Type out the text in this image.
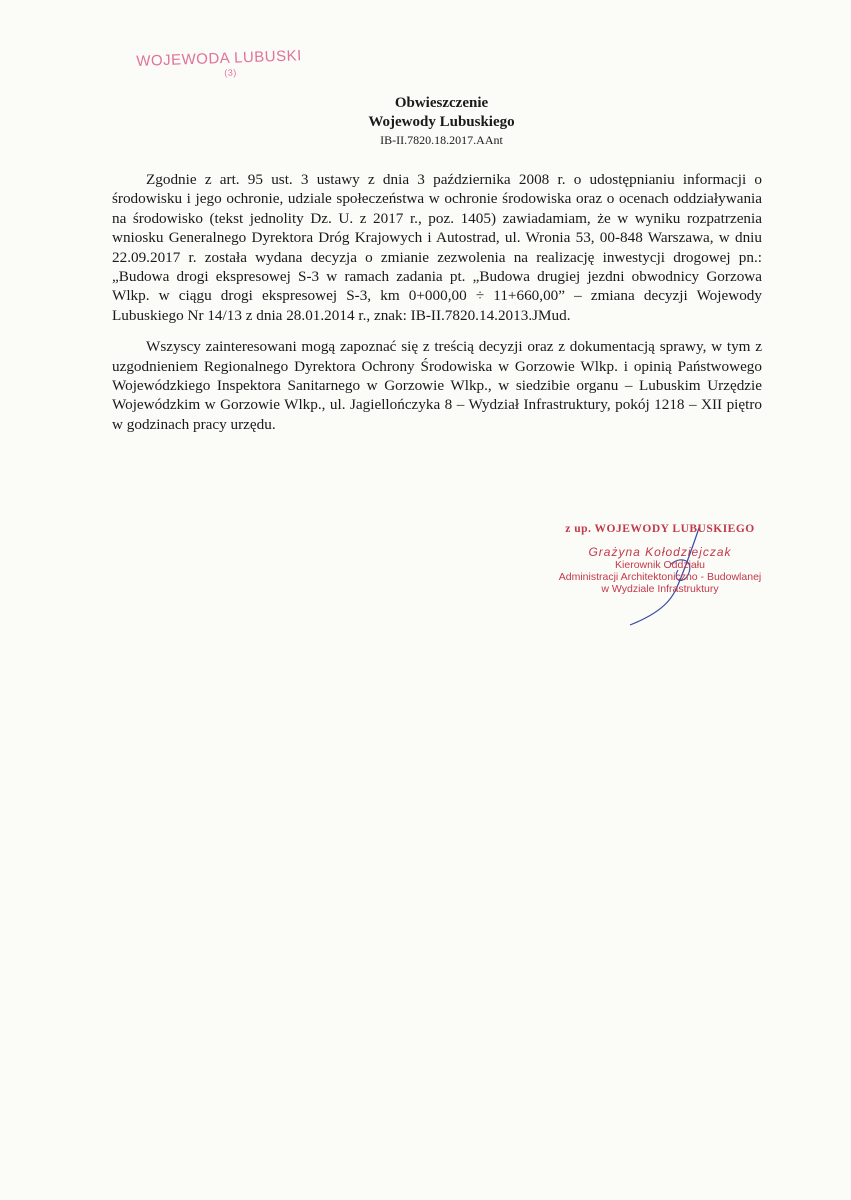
WOJEWODA LUBUSKI
(3)
Obwieszczenie
Wojewody Lubuskiego
IB-II.7820.18.2017.AAnt

Zgodnie z art. 95 ust. 3 ustawy z dnia 3 października 2008 r. o udostępnianiu informacji o środowisku i jego ochronie, udziale społeczeństwa w ochronie środowiska oraz o ocenach oddziaływania na środowisko (tekst jednolity Dz. U. z 2017 r., poz. 1405) zawiadamiam, że w wyniku rozpatrzenia wniosku Generalnego Dyrektora Dróg Krajowych i Autostrad, ul. Wronia 53, 00-848 Warszawa, w dniu 22.09.2017 r. została wydana decyzja o zmianie zezwolenia na realizację inwestycji drogowej pn.: „Budowa drogi ekspresowej S-3 w ramach zadania pt. „Budowa drugiej jezdni obwodnicy Gorzowa Wlkp. w ciągu drogi ekspresowej S-3, km 0+000,00 ÷ 11+660,00” – zmiana decyzji Wojewody Lubuskiego Nr 14/13 z dnia 28.01.2014 r., znak: IB-II.7820.14.2013.JMud.

Wszyscy zainteresowani mogą zapoznać się z treścią decyzji oraz z dokumentacją sprawy, w tym z uzgodnieniem Regionalnego Dyrektora Ochrony Środowiska w Gorzowie Wlkp. i opinią Państwowego Wojewódzkiego Inspektora Sanitarnego w Gorzowie Wlkp., w siedzibie organu – Lubuskim Urzędzie Wojewódzkim w Gorzowie Wlkp., ul. Jagiellończyka 8 – Wydział Infrastruktury, pokój 1218 – XII piętro w godzinach pracy urzędu.

z up. WOJEWODY LUBUSKIEGO
Grażyna Kołodziejczak
Kierownik Oddziału
Administracji Architektoniczno - Budowlanej
w Wydziale Infrastruktury
